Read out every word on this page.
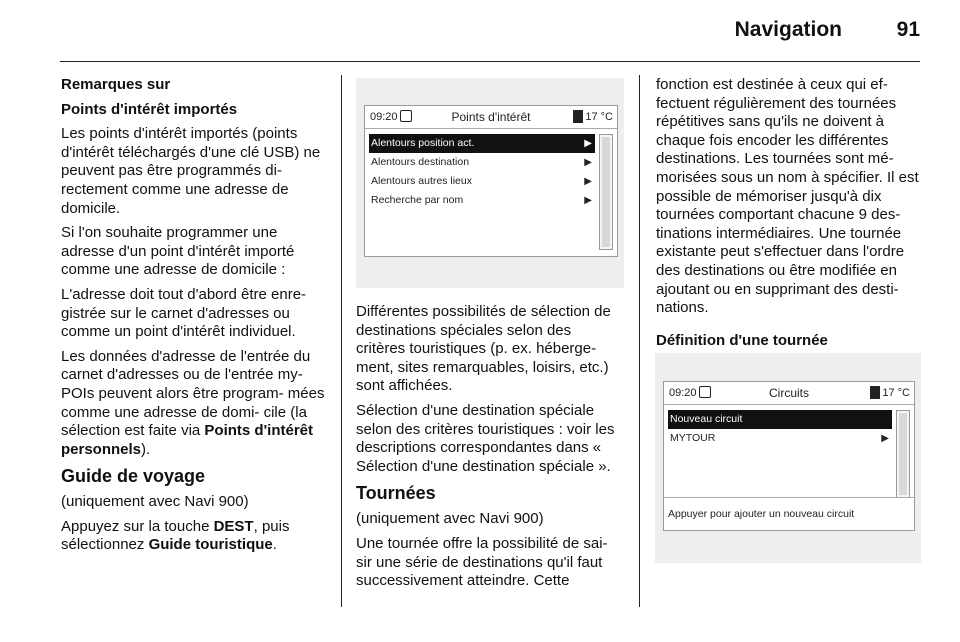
Navigation	91

Remarques sur

Points d'intérêt importés

Les points d'intérêt importés (points d'intérêt téléchargés d'une clé USB) ne peuvent pas être programmés di- rectement comme une adresse de domicile.

Si l'on souhaite programmer une adresse d'un point d'intérêt importé comme une adresse de domicile :

L'adresse doit tout d'abord être enre- gistrée sur le carnet d'adresses ou comme un point d'intérêt individuel.

Les données d'adresse de l'entrée du carnet d'adresses ou de l'entrée my- POIs peuvent alors être program- mées comme une adresse de domi- cile (la sélection est faite via Points d'intérêt personnels).

Guide de voyage

(uniquement avec Navi 900)

Appuyez sur la touche DEST, puis sélectionnez Guide touristique.

09:20	Points d'intérêt	17 °C
Alentours position act.	▶
Alentours destination	▶
Alentours autres lieux	▶
Recherche par nom	▶

Différentes possibilités de sélection de destinations spéciales selon des critères touristiques (p. ex. héberge- ment, sites remarquables, loisirs, etc.) sont affichées.

Sélection d'une destination spéciale selon des critères touristiques : voir les descriptions correspondantes dans « Sélection d'une destination spéciale ».

Tournées

(uniquement avec Navi 900)

Une tournée offre la possibilité de sai- sir une série de destinations qu'il faut successivement atteindre. Cette

fonction est destinée à ceux qui ef- fectuent régulièrement des tournées répétitives sans qu'ils ne doivent à chaque fois encoder les différentes destinations. Les tournées sont mé- morisées sous un nom à spécifier. Il est possible de mémoriser jusqu'à dix tournées comportant chacune 9 des- tinations intermédiaires. Une tournée existante peut s'effectuer dans l'ordre des destinations ou être modifiée en ajoutant ou en supprimant des desti- nations.

Définition d'une tournée

09:20	Circuits	17 °C
Nouveau circuit
MYTOUR	▶
Appuyer pour ajouter un nouveau circuit
